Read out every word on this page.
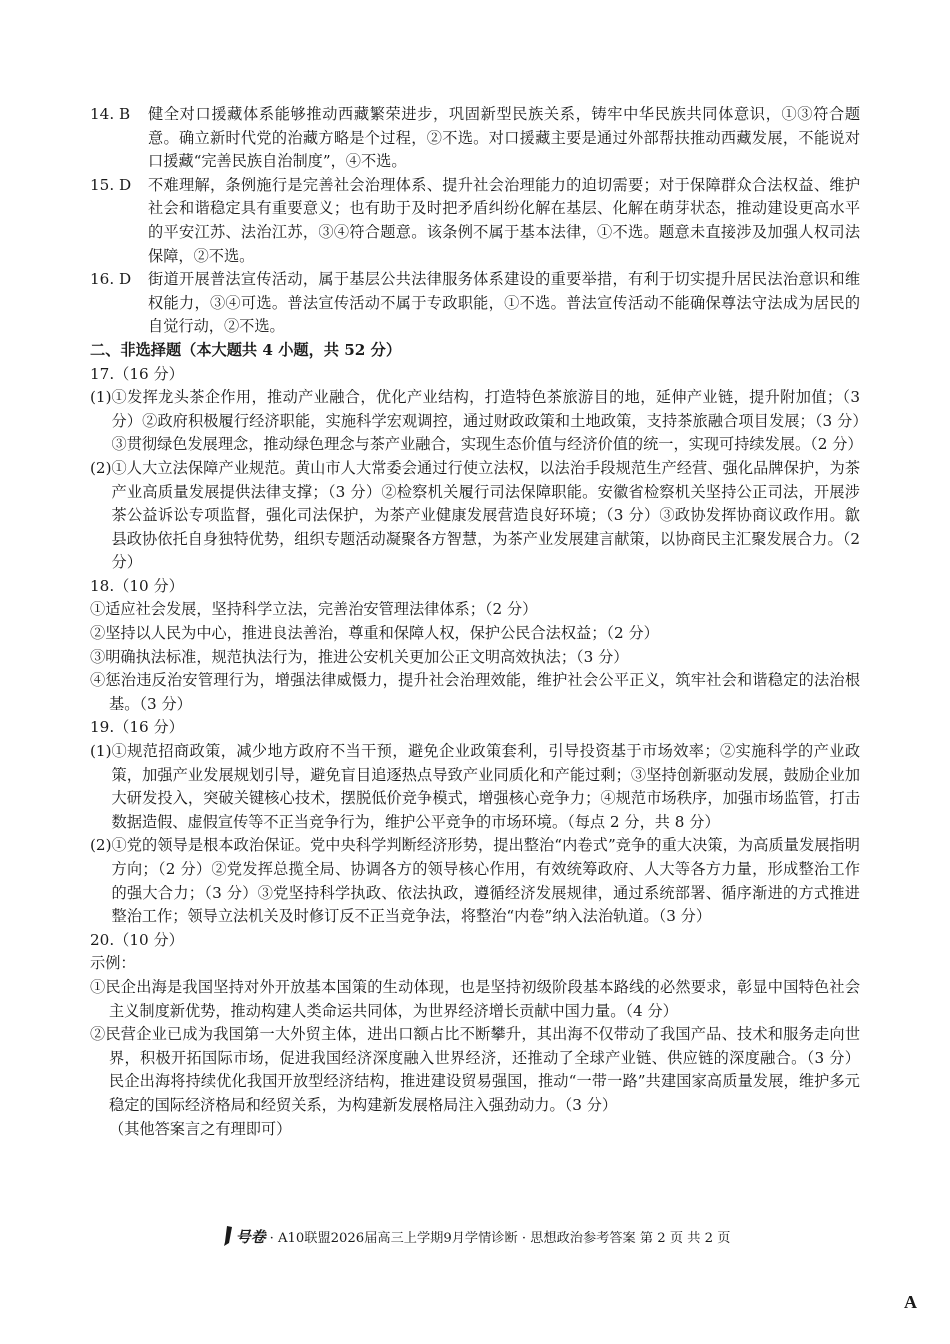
14. B	健全对口援藏体系能够推动西藏繁荣进步，巩固新型民族关系，铸牢中华民族共同体意识，①③符合题意。确立新时代党的治藏方略是个过程，②不选。对口援藏主要是通过外部帮扶推动西藏发展，不能说对口援藏“完善民族自治制度”，④不选。
15. D	不难理解，条例施行是完善社会治理体系、提升社会治理能力的迫切需要；对于保障群众合法权益、维护社会和谐稳定具有重要意义；也有助于及时把矛盾纠纷化解在基层、化解在萌芽状态，推动建设更高水平的平安江苏、法治江苏，③④符合题意。该条例不属于基本法律，①不选。题意未直接涉及加强人权司法保障，②不选。
16. D	街道开展普法宣传活动，属于基层公共法律服务体系建设的重要举措，有利于切实提升居民法治意识和维权能力，③④可选。普法宣传活动不属于专政职能，①不选。普法宣传活动不能确保尊法守法成为居民的自觉行动，②不选。
二、非选择题（本大题共 4 小题，共 52 分）
17.（16 分）
(1) ①发挥龙头茶企作用，推动产业融合，优化产业结构，打造特色茶旅游目的地，延伸产业链，提升附加值；（3 分）②政府积极履行经济职能，实施科学宏观调控，通过财政政策和土地政策，支持茶旅融合项目发展；（3 分）③贯彻绿色发展理念，推动绿色理念与茶产业融合，实现生态价值与经济价值的统一，实现可持续发展。（2 分）
(2) ①人大立法保障产业规范。黄山市人大常委会通过行使立法权，以法治手段规范生产经营、强化品牌保护，为茶产业高质量发展提供法律支撑；（3 分）②检察机关履行司法保障职能。安徽省检察机关坚持公正司法，开展涉茶公益诉讼专项监督，强化司法保护，为茶产业健康发展营造良好环境；（3 分）③政协发挥协商议政作用。歙县政协依托自身独特优势，组织专题活动凝聚各方智慧，为茶产业发展建言献策，以协商民主汇聚发展合力。（2 分）
18.（10 分）
①适应社会发展，坚持科学立法，完善治安管理法律体系；（2 分）
②坚持以人民为中心，推进良法善治，尊重和保障人权，保护公民合法权益；（2 分）
③明确执法标准，规范执法行为，推进公安机关更加公正文明高效执法；（3 分）
④惩治违反治安管理行为，增强法律威慑力，提升社会治理效能，维护社会公平正义，筑牢社会和谐稳定的法治根基。（3 分）
19.（16 分）
(1) ①规范招商政策，减少地方政府不当干预，避免企业政策套利，引导投资基于市场效率；②实施科学的产业政策，加强产业发展规划引导，避免盲目追逐热点导致产业同质化和产能过剩；③坚持创新驱动发展，鼓励企业加大研发投入，突破关键核心技术，摆脱低价竞争模式，增强核心竞争力；④规范市场秩序，加强市场监管，打击数据造假、虚假宣传等不正当竞争行为，维护公平竞争的市场环境。（每点 2 分，共 8 分）
(2) ①党的领导是根本政治保证。党中央科学判断经济形势，提出整治“内卷式”竞争的重大决策，为高质量发展指明方向；（2 分）②党发挥总揽全局、协调各方的领导核心作用，有效统筹政府、人大等各方力量，形成整治工作的强大合力；（3 分）③党坚持科学执政、依法执政，遵循经济发展规律，通过系统部署、循序渐进的方式推进整治工作；领导立法机关及时修订反不正当竞争法，将整治“内卷”纳入法治轨道。（3 分）
20.（10 分）
示例：
①民企出海是我国坚持对外开放基本国策的生动体现，也是坚持初级阶段基本路线的必然要求，彰显中国特色社会主义制度新优势，推动构建人类命运共同体，为世界经济增长贡献中国力量。（4 分）
②民营企业已成为我国第一大外贸主体，进出口额占比不断攀升，其出海不仅带动了我国产品、技术和服务走向世界，积极开拓国际市场，促进我国经济深度融入世界经济，还推动了全球产业链、供应链的深度融合。（3 分）民企出海将持续优化我国开放型经济结构，推进建设贸易强国，推动“一带一路”共建国家高质量发展，维护多元稳定的国际经济格局和经贸关系，为构建新发展格局注入强劲动力。（3 分）
（其他答案言之有理即可）
号卷 · A10联盟2026届高三上学期9月学情诊断 · 思想政治参考答案 第 2 页 共 2 页
A
